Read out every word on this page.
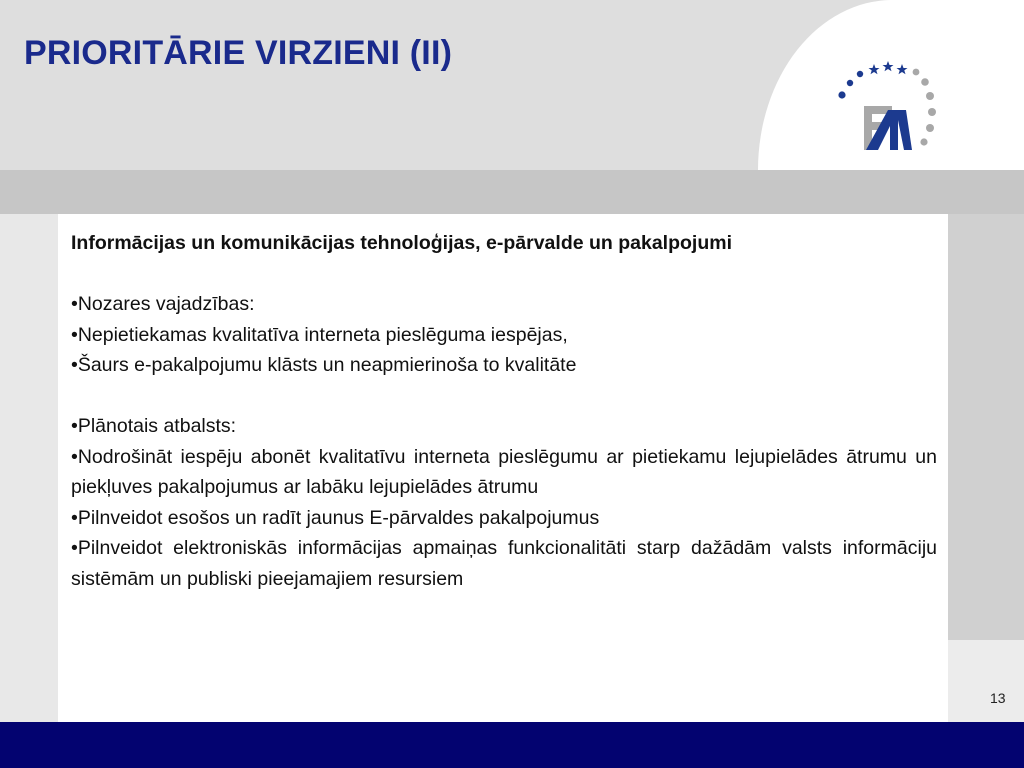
PRIORITĀRIE VIRZIENI (II)

Informācijas un komunikācijas tehnoloģijas, e-pārvalde un pakalpojumi

•Nozares vajadzības:

•Nepietiekamas kvalitatīva interneta pieslēguma iespējas,

•Šaurs e-pakalpojumu klāsts un neapmierinoša to kvalitāte

•Plānotais atbalsts:

•Nodrošināt iespēju abonēt kvalitatīvu interneta pieslēgumu ar pietiekamu lejupielādes ātrumu un piekļuves pakalpojumus ar labāku lejupielādes ātrumu

•Pilnveidot esošos un radīt jaunus E-pārvaldes pakalpojumus

•Pilnveidot elektroniskās informācijas apmaiņas funkcionalitāti starp dažādām valsts informāciju sistēmām un publiski pieejamajiem resursiem

13
